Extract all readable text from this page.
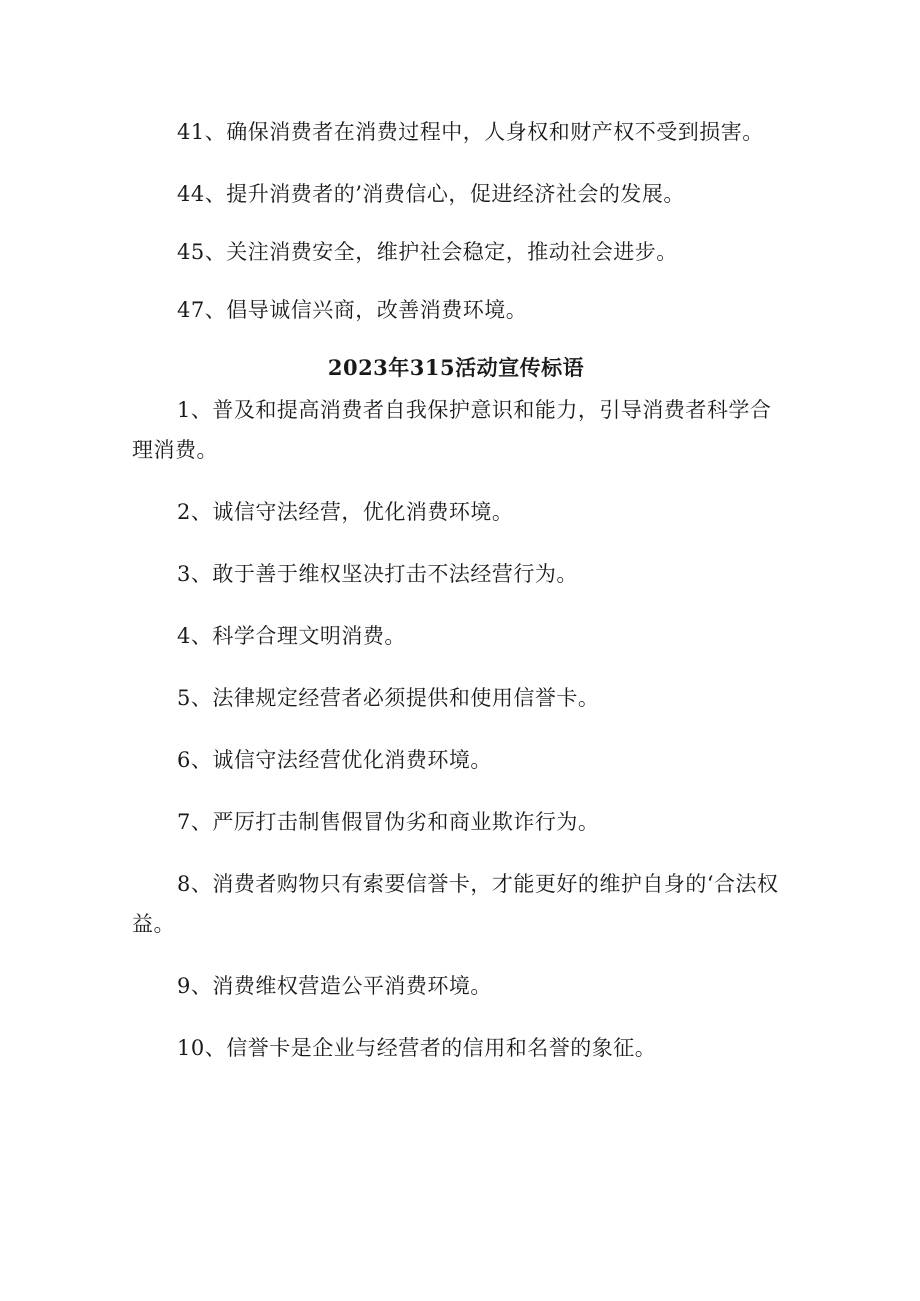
41、确保消费者在消费过程中，人身权和财产权不受到损害。

44、提升消费者的’消费信心，促进经济社会的发展。

45、关注消费安全，维护社会稳定，推动社会进步。

47、倡导诚信兴商，改善消费环境。

2023年315活动宣传标语

1、普及和提高消费者自我保护意识和能力，引导消费者科学合理消费。

2、诚信守法经营，优化消费环境。

3、敢于善于维权坚决打击不法经营行为。

4、科学合理文明消费。

5、法律规定经营者必须提供和使用信誉卡。

6、诚信守法经营优化消费环境。

7、严厉打击制售假冒伪劣和商业欺诈行为。

8、消费者购物只有索要信誉卡，才能更好的维护自身的‘合法权益。

9、消费维权营造公平消费环境。

10、信誉卡是企业与经营者的信用和名誉的象征。
